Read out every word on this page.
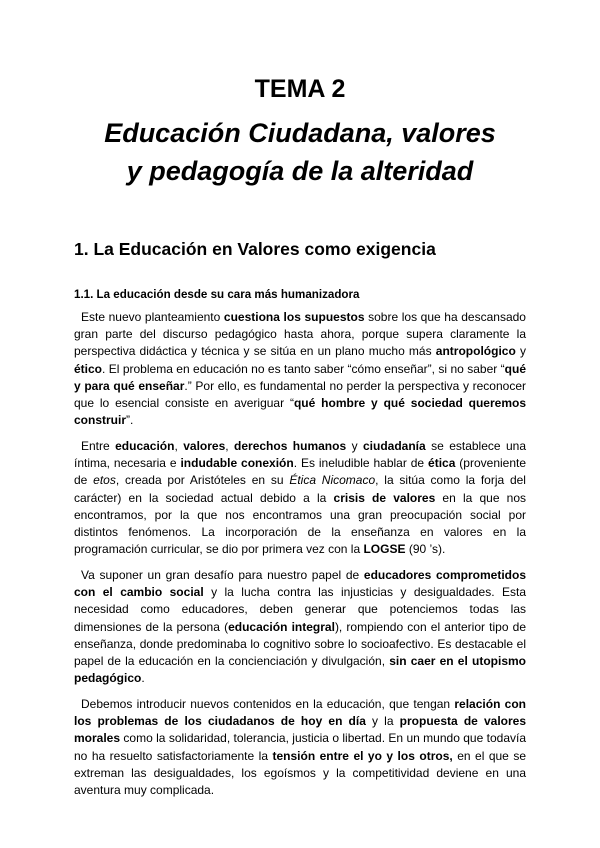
TEMA 2
Educación Ciudadana, valores
y pedagogía de la alteridad
1. La Educación en Valores como exigencia
1.1. La educación desde su cara más humanizadora

Este nuevo planteamiento cuestiona los supuestos sobre los que ha descansado gran parte del discurso pedagógico hasta ahora, porque supera claramente la perspectiva didáctica y técnica y se sitúa en un plano mucho más antropológico y ético. El problema en educación no es tanto saber “cómo enseñar”, si no saber “qué y para qué enseñar.” Por ello, es fundamental no perder la perspectiva y reconocer que lo esencial consiste en averiguar “qué hombre y qué sociedad queremos construir”.

Entre educación, valores, derechos humanos y ciudadanía se establece una íntima, necesaria e indudable conexión. Es ineludible hablar de ética (proveniente de etos, creada por Aristóteles en su Ética Nicomaco, la sitúa como la forja del carácter) en la sociedad actual debido a la crisis de valores en la que nos encontramos, por la que nos encontramos una gran preocupación social por distintos fenómenos. La incorporación de la enseñanza en valores en la programación curricular, se dio por primera vez con la LOGSE (90 ’s).

Va suponer un gran desafío para nuestro papel de educadores comprometidos con el cambio social y la lucha contra las injusticias y desigualdades. Esta necesidad como educadores, deben generar que potenciemos todas las dimensiones de la persona (educación integral), rompiendo con el anterior tipo de enseñanza, donde predominaba lo cognitivo sobre lo socioafectivo. Es destacable el papel de la educación en la concienciación y divulgación, sin caer en el utopismo pedagógico.

Debemos introducir nuevos contenidos en la educación, que tengan relación con los problemas de los ciudadanos de hoy en día y la propuesta de valores morales como la solidaridad, tolerancia, justicia o libertad. En un mundo que todavía no ha resuelto satisfactoriamente la tensión entre el yo y los otros, en el que se extreman las desigualdades, los egoísmos y la competitividad deviene en una aventura muy complicada.
